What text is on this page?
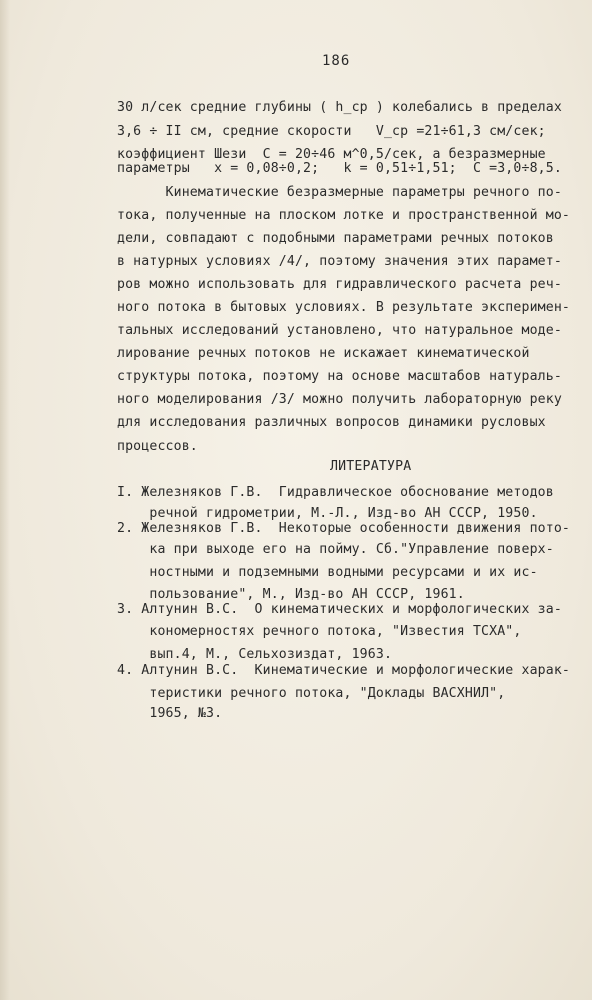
186
30 л/сек средние глубины ( h_ср ) колебались в пределах
3,6 ÷ II см, средние скорости   V_ср =21÷61,3 см/сек;
коэффициент Шези  C = 20÷46 м^0,5/сек, а безразмерные
параметры   x = 0,08÷0,2;   k = 0,51÷1,51;  C =3,0÷8,5.
Кинематические безразмерные параметры речного по-
тока, полученные на плоском лотке и пространственной мо-
дели, совпадают с подобными параметрами речных потоков
в натурных условиях /4/, поэтому значения этих парамет-
ров можно использовать для гидравлического расчета реч-
ного потока в бытовых условиях. В результате эксперимен-
тальных исследований установлено, что натуральное моде-
лирование речных потоков не искажает кинематической
структуры потока, поэтому на основе масштабов натураль-
ного моделирования /3/ можно получить лабораторную реку
для исследования различных вопросов динамики русловых
процессов.
ЛИТЕРАТУРА
I. Железняков Г.В.  Гидравлическое обоснование методов
речной гидрометрии, М.-Л., Изд-во АН СССР, 1950.
2. Железняков Г.В.  Некоторые особенности движения пото-
ка при выходе его на пойму. Сб."Управление поверх-
ностными и подземными водными ресурсами и их ис-
пользование", М., Изд-во АН СССР, 1961.
3. Алтунин В.С.  О кинематических и морфологических за-
кономерностях речного потока, "Известия ТСХА",
вып.4, М., Сельхозиздат, 1963.
4. Алтунин В.С.  Кинематические и морфологические харак-
теристики речного потока, "Доклады ВАСХНИЛ",
1965, №3.
